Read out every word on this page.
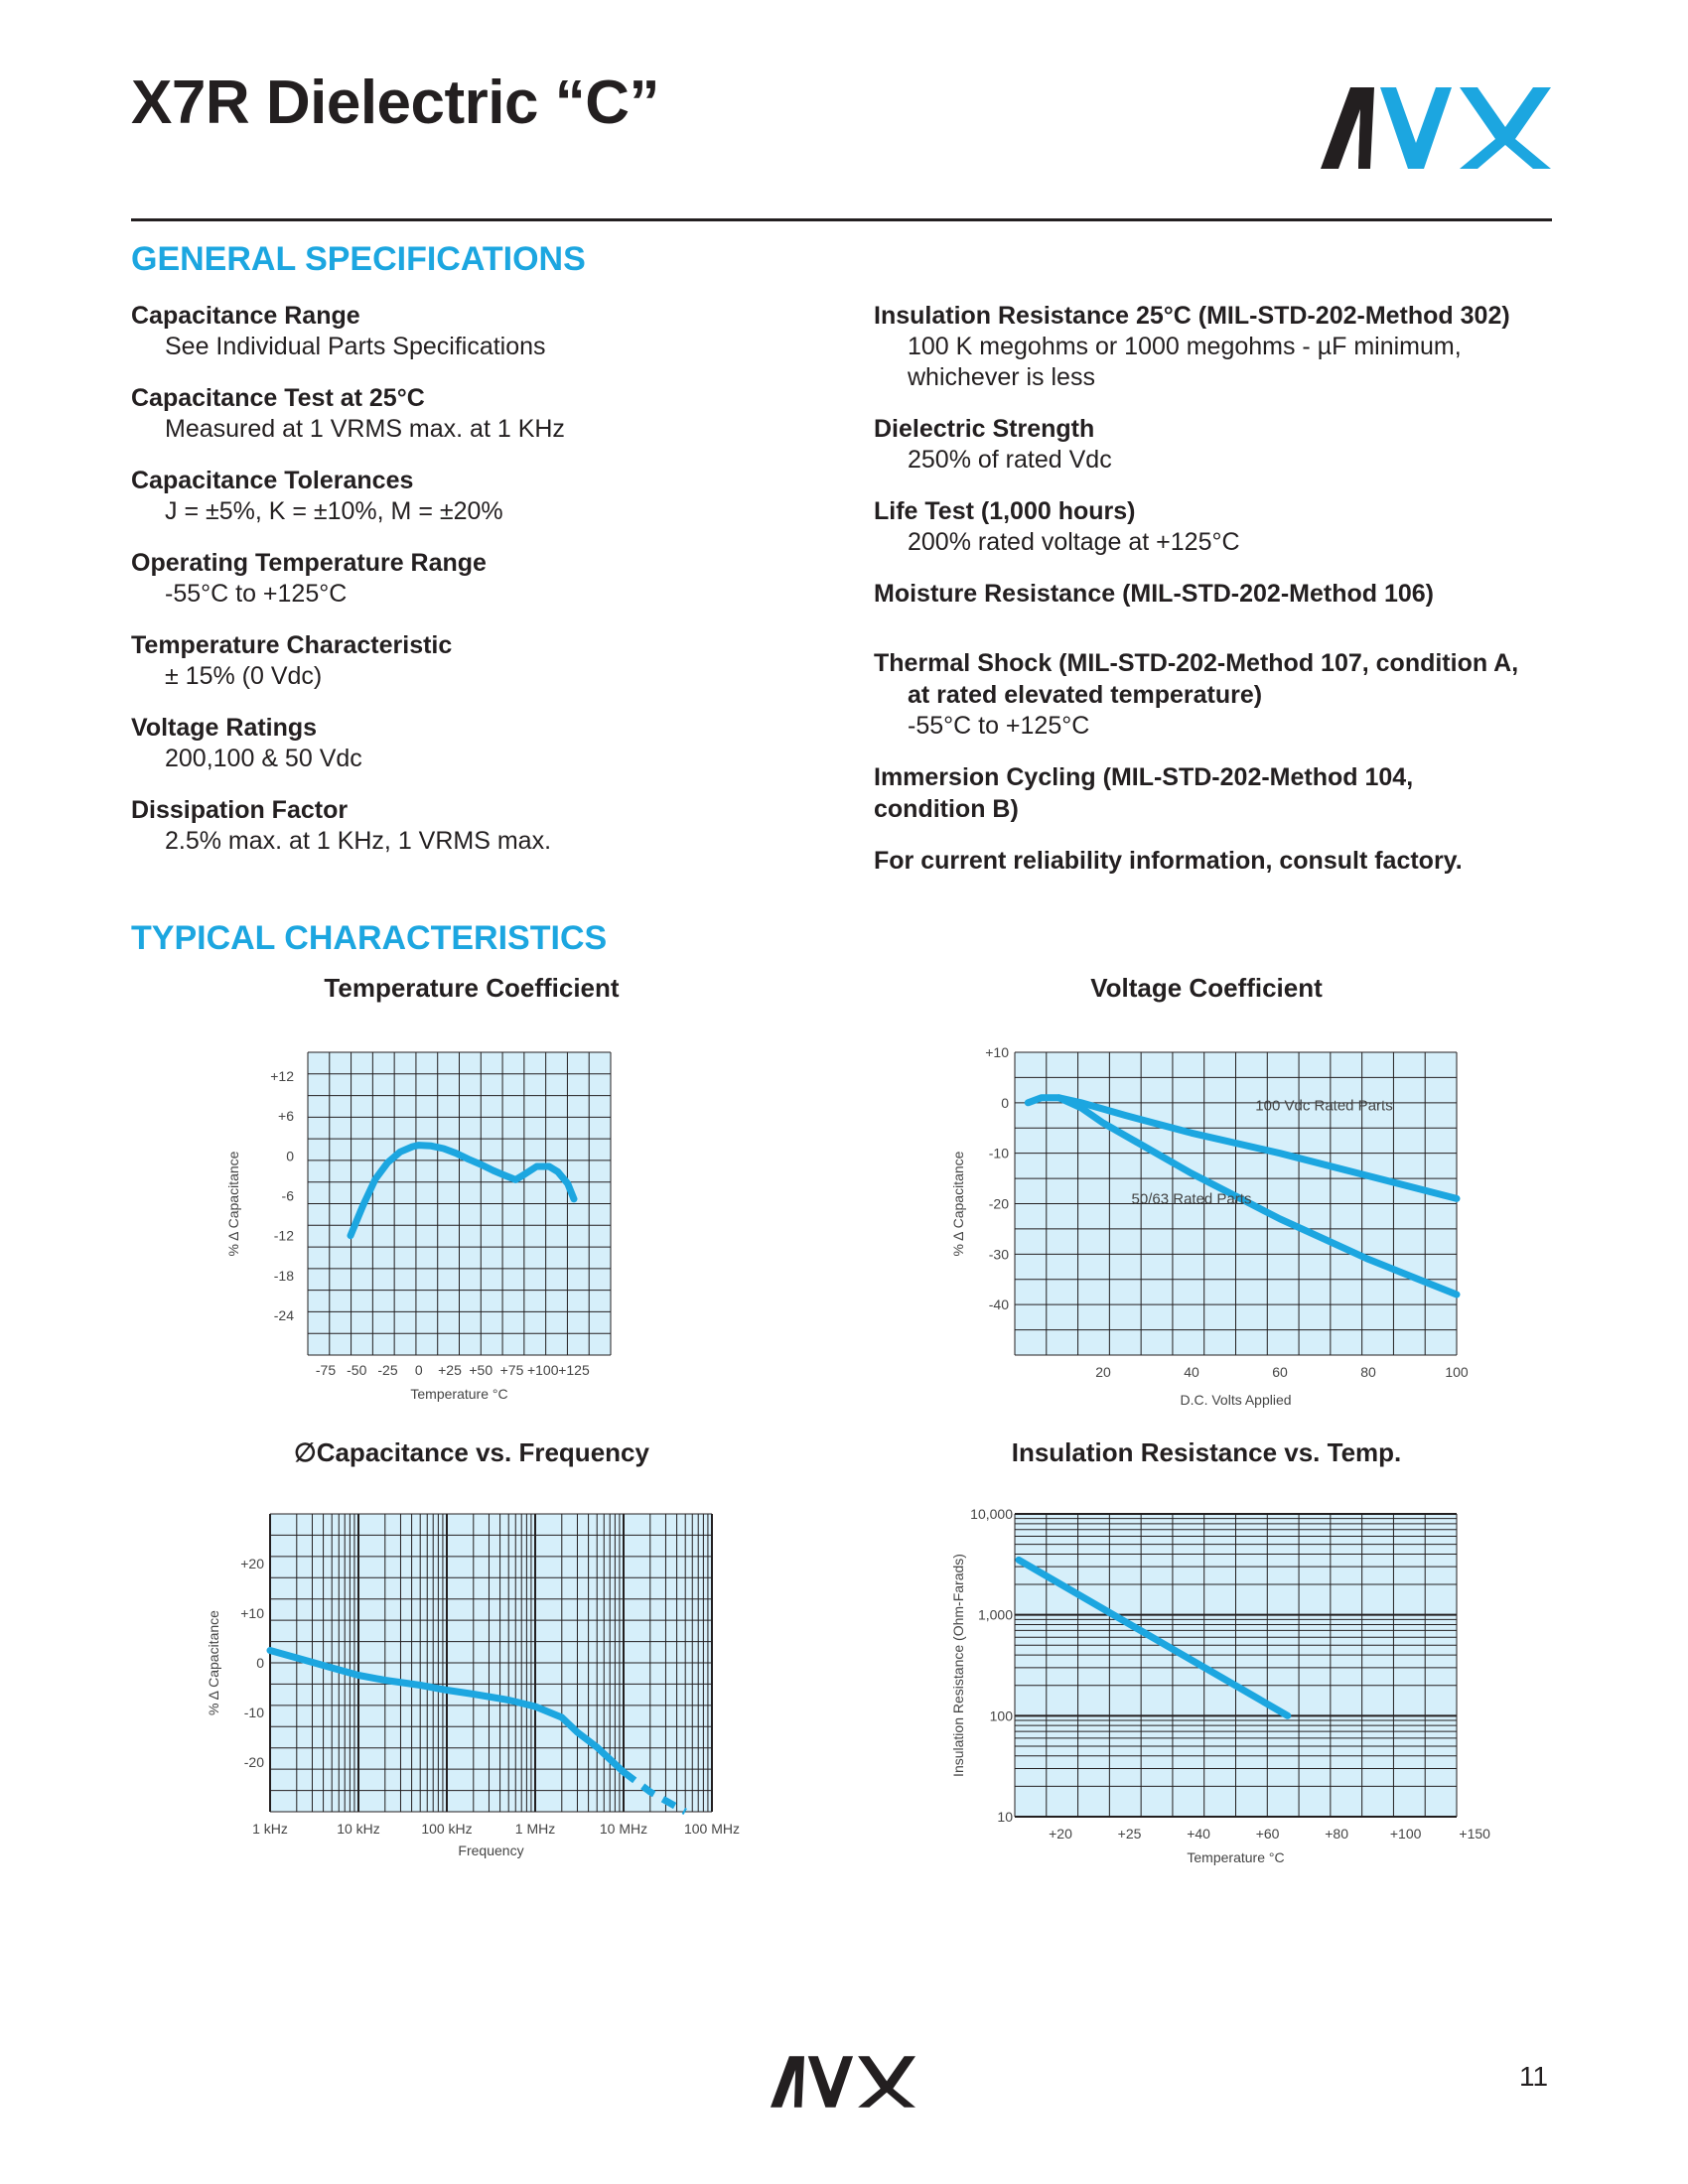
X7R Dielectric “C”
GENERAL SPECIFICATIONS
Capacitance Range
See Individual Parts Specifications
Capacitance Test at 25°C
Measured at 1 VRMS max. at 1 KHz
Capacitance Tolerances
J = ±5%, K = ±10%, M = ±20%
Operating Temperature Range
-55°C to +125°C
Temperature Characteristic
± 15% (0 Vdc)
Voltage Ratings
200,100 & 50 Vdc
Dissipation Factor
2.5% max. at 1 KHz, 1 VRMS max.
Insulation Resistance 25°C (MIL-STD-202-Method 302)
100 K megohms or 1000 megohms - µF minimum,
whichever is less
Dielectric Strength
250% of rated Vdc
Life Test (1,000 hours)
200% rated voltage at +125°C
Moisture Resistance (MIL-STD-202-Method 106)
Thermal Shock (MIL-STD-202-Method 107, condition A,
at rated elevated temperature)
-55°C to +125°C
Immersion Cycling (MIL-STD-202-Method 104,
condition B)
For current reliability information, consult factory.
TYPICAL CHARACTERISTICS
Temperature Coefficient	Voltage Coefficient
∅Capacitance vs. Frequency	Insulation Resistance vs. Temp.
+12
+6
0
-6
-12
-18
-24
-75 -50 -25 0 +25 +50 +75 +100 +125
Temperature °C
% Δ Capacitance
+10
0
-10
-20
-30
-40
20	40	60	80	100
D.C. Volts Applied
% Δ Capacitance
100 Vdc Rated Parts
50/63 Rated Parts
+20
+10
0
-10
-20
1 kHz	10 kHz	100 kHz	1 MHz	10 MHz	100 MHz
Frequency
% Δ Capacitance
10,000
1,000
100
10
+20	+25	+40	+60	+80	+100	+150
Temperature °C
Insulation Resistance (Ohm-Farads)
11
